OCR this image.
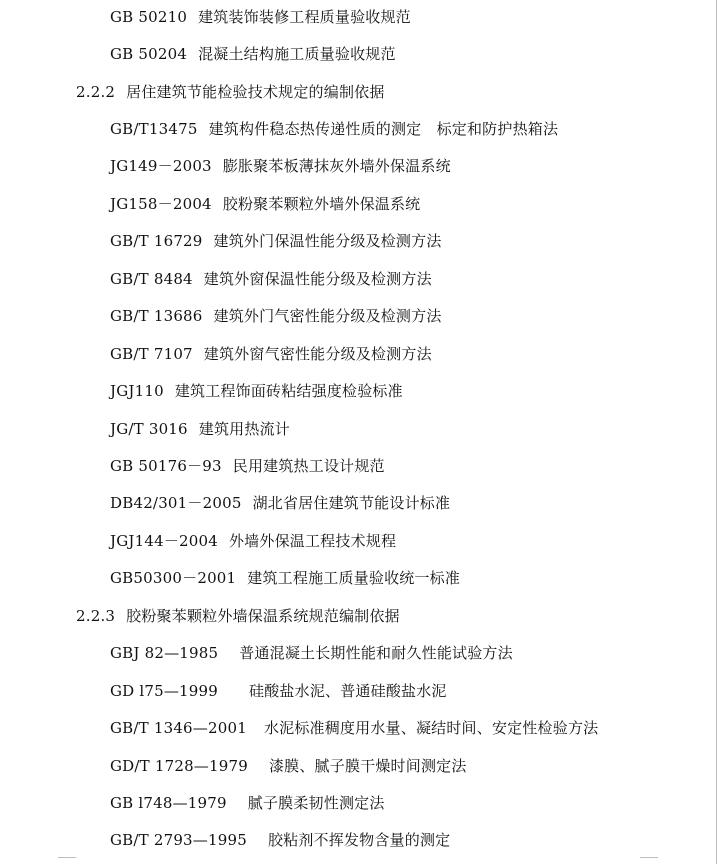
GB 50210 建筑装饰装修工程质量验收规范
GB 50204 混凝土结构施工质量验收规范
2.2.2 居住建筑节能检验技术规定的编制依据
GB/T13475 建筑构件稳态热传递性质的测定　标定和防护热箱法
JG149－2003 膨胀聚苯板薄抹灰外墙外保温系统
JG158－2004 胶粉聚苯颗粒外墙外保温系统
GB/T 16729 建筑外门保温性能分级及检测方法
GB/T 8484 建筑外窗保温性能分级及检测方法
GB/T 13686 建筑外门气密性能分级及检测方法
GB/T 7107 建筑外窗气密性能分级及检测方法
JGJ110 建筑工程饰面砖粘结强度检验标准
JG/T 3016 建筑用热流计
GB 50176－93 民用建筑热工设计规范
DB42/301－2005 湖北省居住建筑节能设计标准
JGJ144－2004 外墙外保温工程技术规程
GB50300－2001 建筑工程施工质量验收统一标准
2.2.3 胶粉聚苯颗粒外墙保温系统规范编制依据
GBJ 82—1985 普通混凝土长期性能和耐久性能试验方法
GD l75—1999 硅酸盐水泥、普通硅酸盐水泥
GB/T 1346—2001 水泥标准稠度用水量、凝结时间、安定性检验方法
GD/T 1728—1979 漆膜、腻子膜干燥时间测定法
GB l748—1979 腻子膜柔韧性测定法
GB/T 2793—1995 胶粘剂不挥发物含量的测定
